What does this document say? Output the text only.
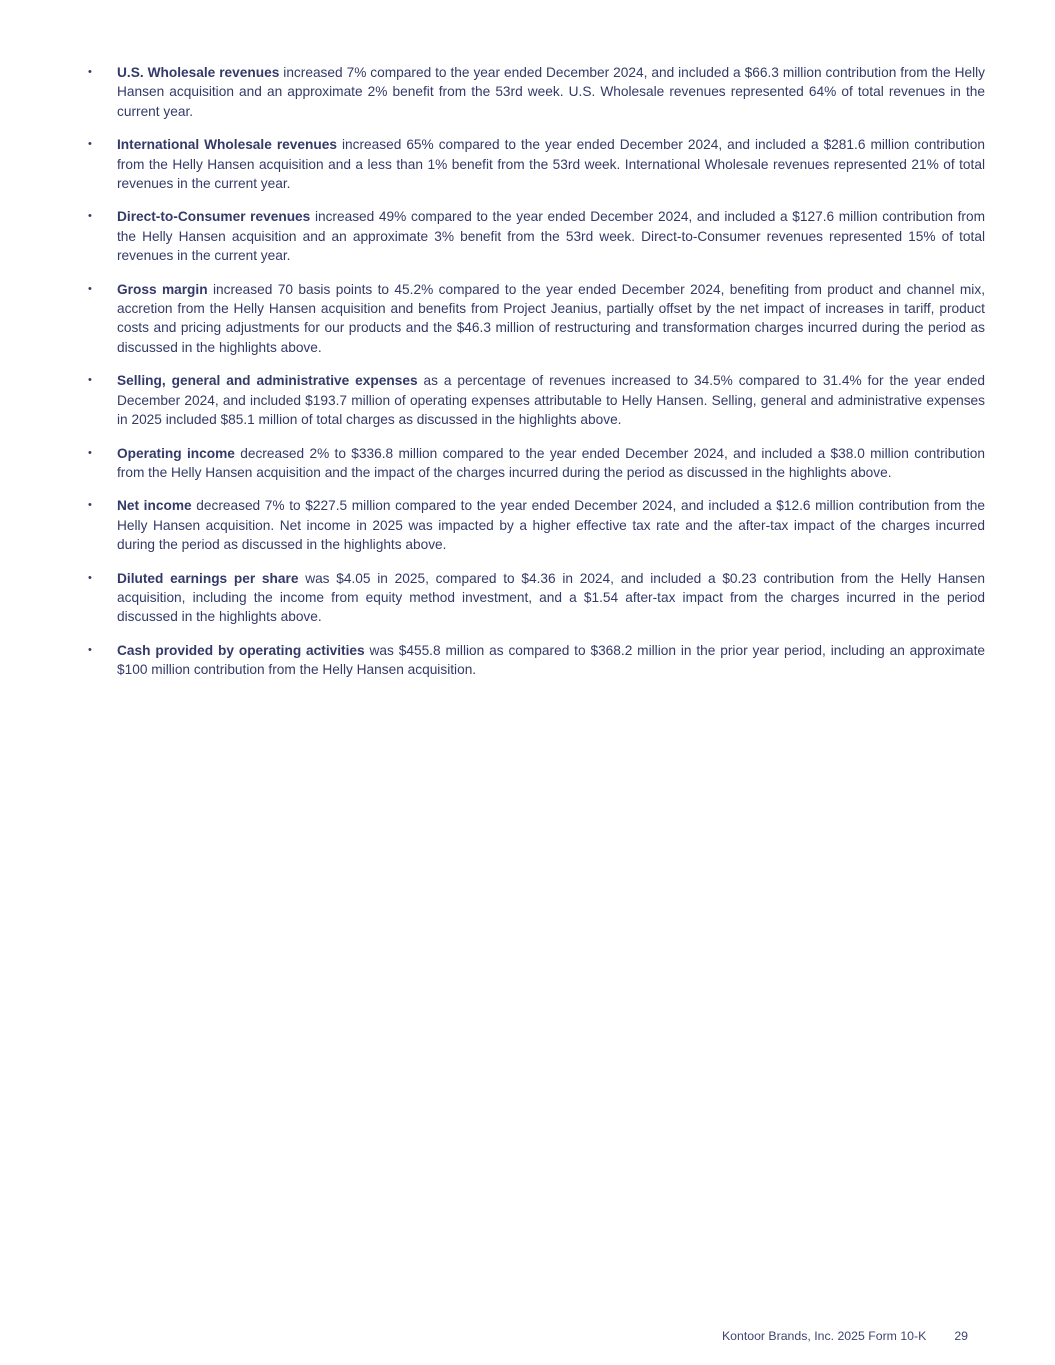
•	U.S. Wholesale revenues increased 7% compared to the year ended December 2024, and included a $66.3 million contribution from the Helly Hansen acquisition and an approximate 2% benefit from the 53rd week. U.S. Wholesale revenues represented 64% of total revenues in the current year.
•	International Wholesale revenues increased 65% compared to the year ended December 2024, and included a $281.6 million contribution from the Helly Hansen acquisition and a less than 1% benefit from the 53rd week. International Wholesale revenues represented 21% of total revenues in the current year.
•	Direct-to-Consumer revenues increased 49% compared to the year ended December 2024, and included a $127.6 million contribution from the Helly Hansen acquisition and an approximate 3% benefit from the 53rd week. Direct-to-Consumer revenues represented 15% of total revenues in the current year.
•	Gross margin increased 70 basis points to 45.2% compared to the year ended December 2024, benefiting from product and channel mix, accretion from the Helly Hansen acquisition and benefits from Project Jeanius, partially offset by the net impact of increases in tariff, product costs and pricing adjustments for our products and the $46.3 million of restructuring and transformation charges incurred during the period as discussed in the highlights above.
•	Selling, general and administrative expenses as a percentage of revenues increased to 34.5% compared to 31.4% for the year ended December 2024, and included $193.7 million of operating expenses attributable to Helly Hansen. Selling, general and administrative expenses in 2025 included $85.1 million of total charges as discussed in the highlights above.
•	Operating income decreased 2% to $336.8 million compared to the year ended December 2024, and included a $38.0 million contribution from the Helly Hansen acquisition and the impact of the charges incurred during the period as discussed in the highlights above.
•	Net income decreased 7% to $227.5 million compared to the year ended December 2024, and included a $12.6 million contribution from the Helly Hansen acquisition. Net income in 2025 was impacted by a higher effective tax rate and the after-tax impact of the charges incurred during the period as discussed in the highlights above.
•	Diluted earnings per share was $4.05 in 2025, compared to $4.36 in 2024, and included a $0.23 contribution from the Helly Hansen acquisition, including the income from equity method investment, and a $1.54 after-tax impact from the charges incurred in the period discussed in the highlights above.
•	Cash provided by operating activities was $455.8 million as compared to $368.2 million in the prior year period, including an approximate $100 million contribution from the Helly Hansen acquisition.
Kontoor Brands, Inc. 2025 Form 10-K 29
